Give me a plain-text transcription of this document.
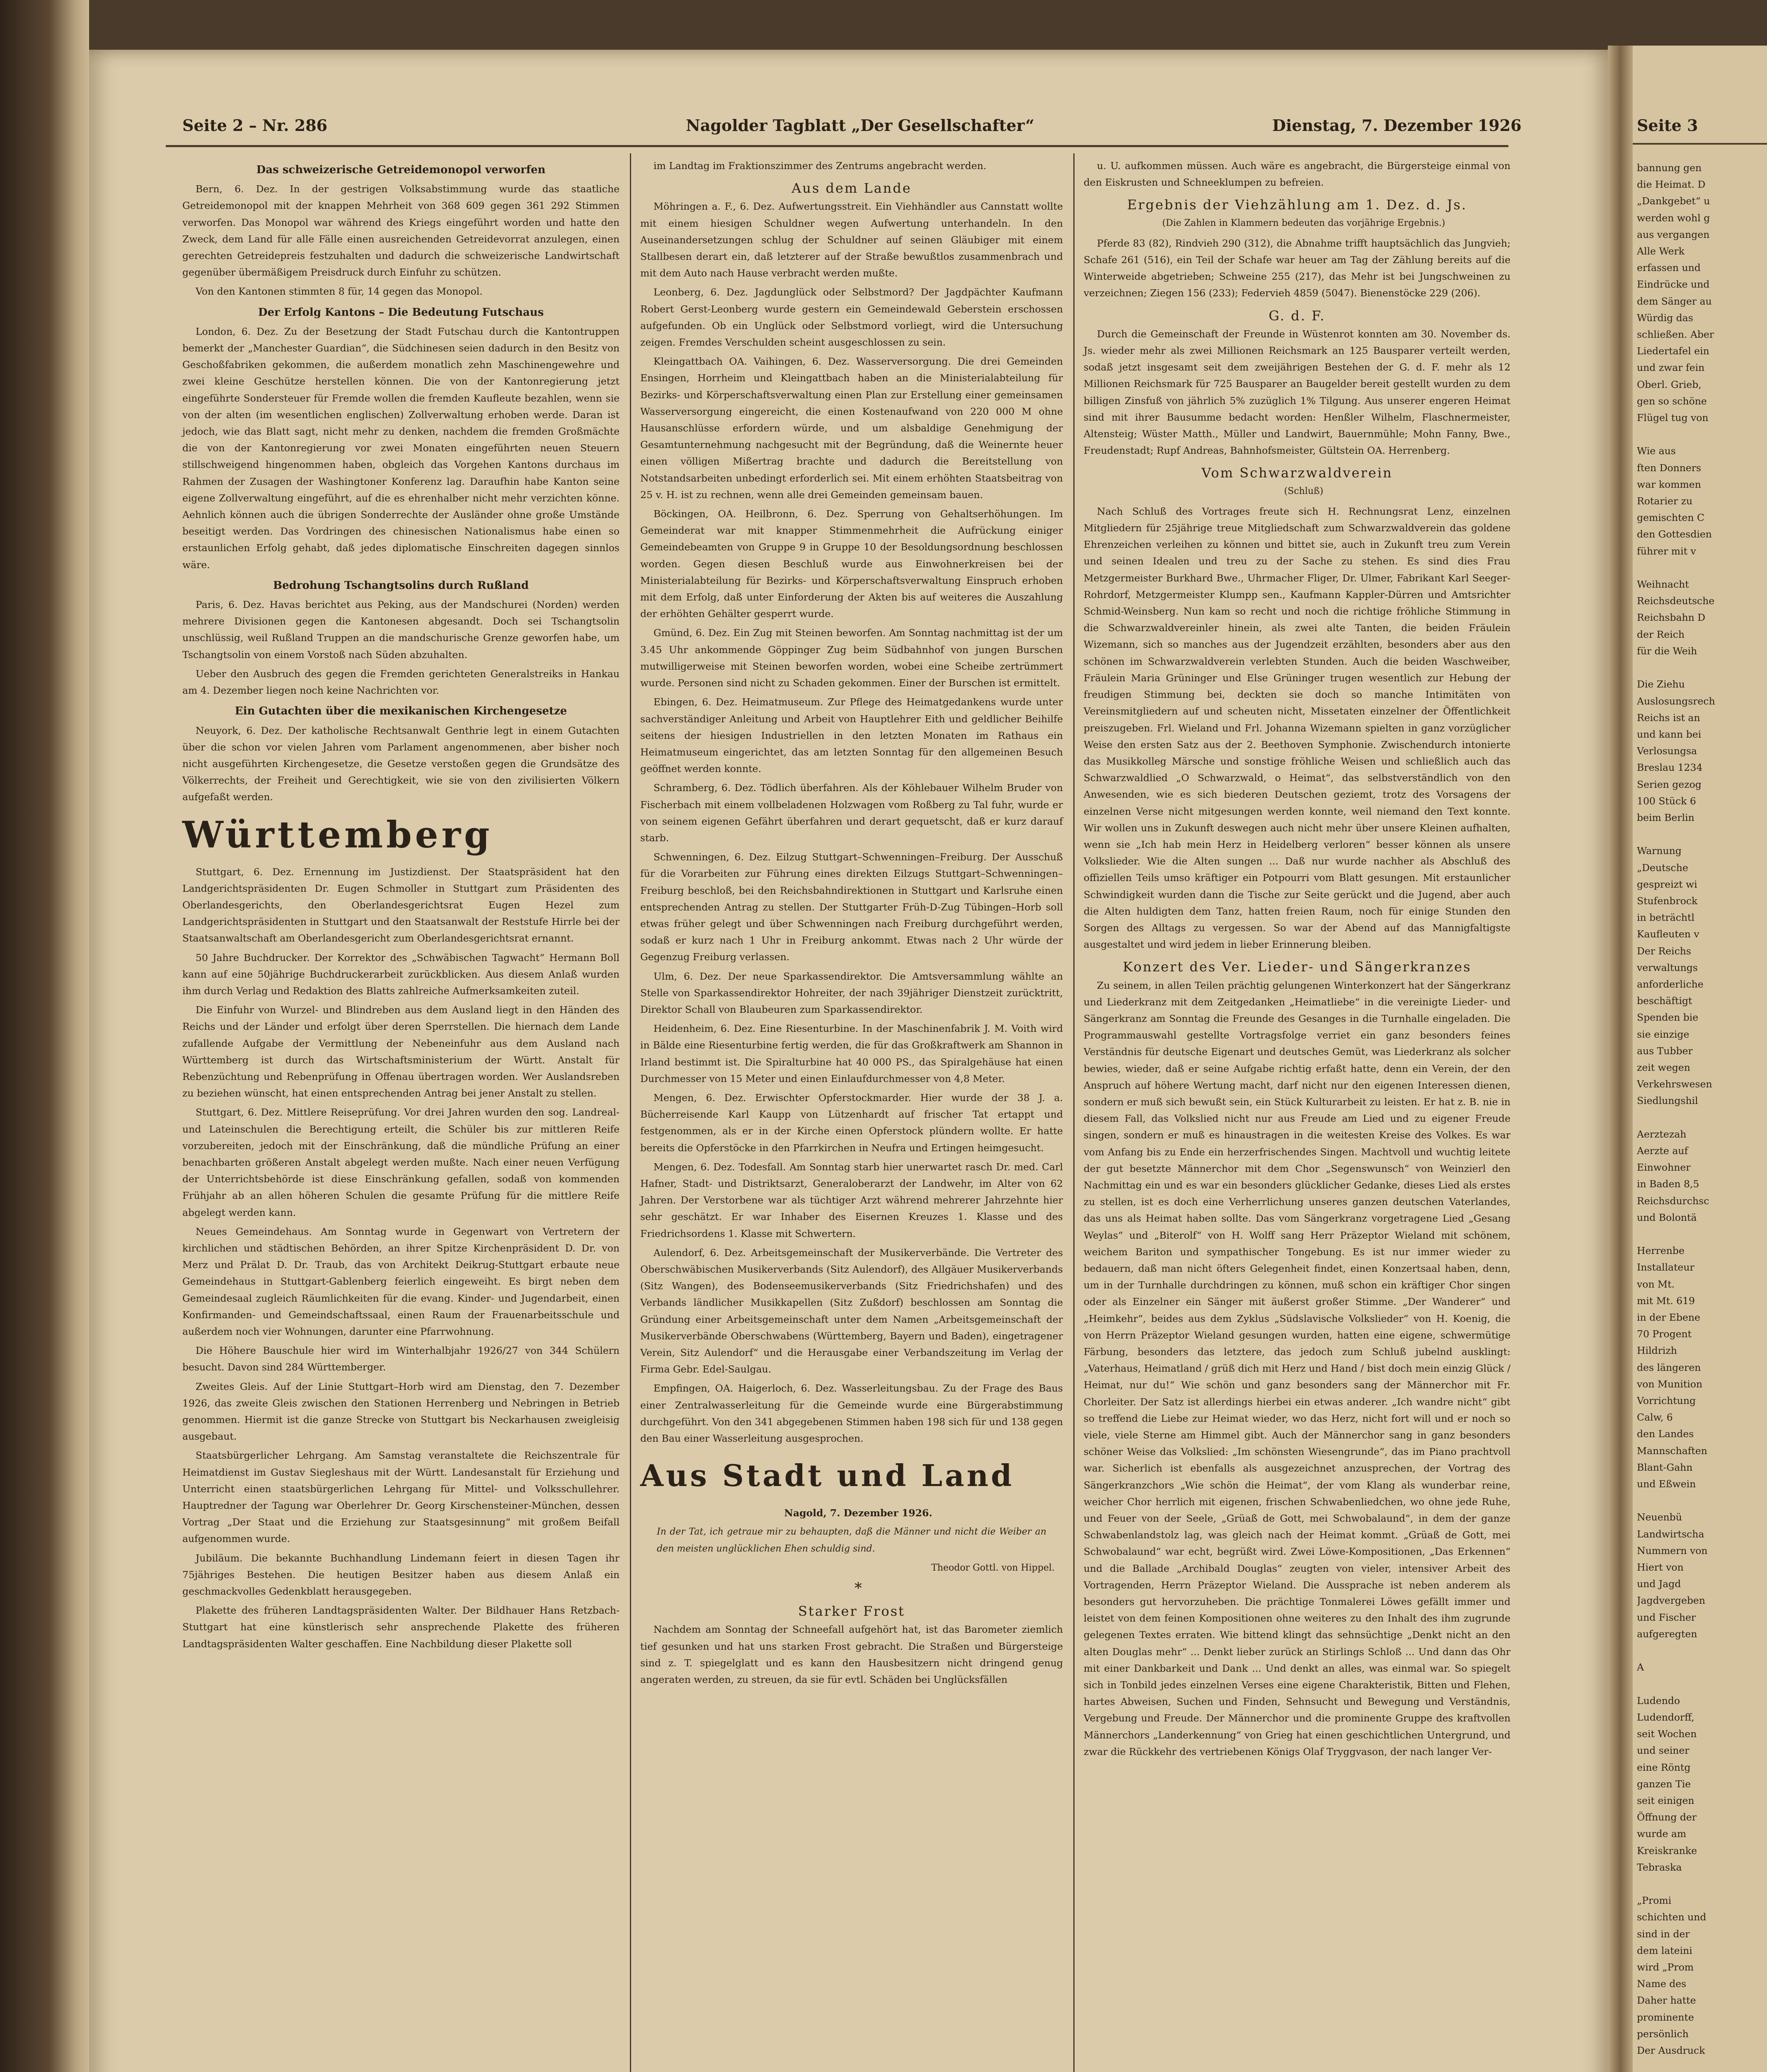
Seite 3
bannung gen
die Heimat. D
„Dankgebet“ u
werden wohl g
aus vergangen
Alle Werk
erfassen und
Eindrücke und
dem Sänger au
Würdig das
schließen. Aber
Liedertafel ein
und zwar fein
Oberl. Grieb,
gen so schöne
Flügel tug von

Wie aus
ften Donners
war kommen
Rotarier zu
gemischten C
den Gottesdien
führer mit v

Weihnacht
Reichsdeutsche
Reichsbahn D
der Reich
für die Weih

Die Ziehu
Auslosungsrech
Reichs ist an
und kann bei
Verlosungsa
Breslau 1234
Serien gezog
100 Stück 6
beim Berlin

Warnung
„Deutsche
gespreizt wi
Stufenbrock
in beträchtl
Kaufleuten v
Der Reichs
verwaltungs
anforderliche
beschäftigt
Spenden bie
sie einzige
aus Tubber
zeit wegen
Verkehrswesen
Siedlungshil

Aerztezah
Aerzte auf
Einwohner
in Baden 8,5
Reichsdurchsc
und Bolontä

Herrenbe
Installateur
von Mt.
mit Mt. 619
in der Ebene
70 Progent
Hildrizh
des längeren
von Munition
Vorrichtung
Calw, 6
den Landes
Mannschaften
Blant-Gahn
und Eßwein

Neuenbü
Landwirtscha
Nummern von
Hiert von
und Jagd
Jagdvergeben
und Fischer
aufgeregten

A

Ludendo
Ludendorff,
seit Wochen
und seiner
eine Röntg
ganzen Tie
seit einigen
Öffnung der
wurde am
Kreiskranke
Tebraska

„Promi
schichten und
sind in der
dem lateini
wird „Prom
Name des
Daher hatte
prominente
persönlich
Der Ausdruck
Seite 2 – Nr. 286	Nagolder Tagblatt „Der Gesellschafter“	Dienstag, 7. Dezember 1926
Das schweizerische Getreidemonopol verworfen

Bern, 6. Dez. In der gestrigen Volksabstimmung wurde das staatliche Getreidemonopol mit der knappen Mehrheit von 368 609 gegen 361 292 Stimmen verworfen. Das Monopol war während des Kriegs eingeführt worden und hatte den Zweck, dem Land für alle Fälle einen ausreichenden Getreidevorrat anzulegen, einen gerechten Getreidepreis festzuhalten und dadurch die schweizerische Landwirtschaft gegenüber übermäßigem Preisdruck durch Einfuhr zu schützen.

Von den Kantonen stimmten 8 für, 14 gegen das Monopol.

Der Erfolg Kantons – Die Bedeutung Futschaus

London, 6. Dez. Zu der Besetzung der Stadt Futschau durch die Kantontruppen bemerkt der „Manchester Guardian“, die Südchinesen seien dadurch in den Besitz von Geschoßfabriken gekommen, die außerdem monatlich zehn Maschinengewehre und zwei kleine Geschütze herstellen können. Die von der Kantonregierung jetzt eingeführte Sondersteuer für Fremde wollen die fremden Kaufleute bezahlen, wenn sie von der alten (im wesentlichen englischen) Zollverwaltung erhoben werde. Daran ist jedoch, wie das Blatt sagt, nicht mehr zu denken, nachdem die fremden Großmächte die von der Kantonregierung vor zwei Monaten eingeführten neuen Steuern stillschweigend hingenommen haben, obgleich das Vorgehen Kantons durchaus im Rahmen der Zusagen der Washingtoner Konferenz lag. Daraufhin habe Kanton seine eigene Zollverwaltung eingeführt, auf die es ehrenhalber nicht mehr verzichten könne. Aehnlich können auch die übrigen Sonderrechte der Ausländer ohne große Umstände beseitigt werden. Das Vordringen des chinesischen Nationalismus habe einen so erstaunlichen Erfolg gehabt, daß jedes diplomatische Einschreiten dagegen sinnlos wäre.

Bedrohung Tschangtsolins durch Rußland

Paris, 6. Dez. Havas berichtet aus Peking, aus der Mandschurei (Norden) werden mehrere Divisionen gegen die Kantonesen abgesandt. Doch sei Tschangtsolin unschlüssig, weil Rußland Truppen an die mandschurische Grenze geworfen habe, um Tschangtsolin von einem Vorstoß nach Süden abzuhalten.

Ueber den Ausbruch des gegen die Fremden gerichteten Generalstreiks in Hankau am 4. Dezember liegen noch keine Nachrichten vor.

Ein Gutachten über die mexikanischen Kirchengesetze

Neuyork, 6. Dez. Der katholische Rechtsanwalt Genthrie legt in einem Gutachten über die schon vor vielen Jahren vom Parlament angenommenen, aber bisher noch nicht ausgeführten Kirchengesetze, die Gesetze verstoßen gegen die Grundsätze des Völkerrechts, der Freiheit und Gerechtigkeit, wie sie von den zivilisierten Völkern aufgefaßt werden.

Württemberg

Stuttgart, 6. Dez. Ernennung im Justizdienst. Der Staatspräsident hat den Landgerichtspräsidenten Dr. Eugen Schmoller in Stuttgart zum Präsidenten des Oberlandesgerichts, den Oberlandesgerichtsrat Eugen Hezel zum Landgerichtspräsidenten in Stuttgart und den Staatsanwalt der Reststufe Hirrle bei der Staatsanwaltschaft am Oberlandesgericht zum Oberlandesgerichtsrat ernannt.

50 Jahre Buchdrucker. Der Korrektor des „Schwäbischen Tagwacht“ Hermann Boll kann auf eine 50jährige Buchdruckerarbeit zurückblicken. Aus diesem Anlaß wurden ihm durch Verlag und Redaktion des Blatts zahlreiche Aufmerksamkeiten zuteil.

Die Einfuhr von Wurzel- und Blindreben aus dem Ausland liegt in den Händen des Reichs und der Länder und erfolgt über deren Sperrstellen. Die hiernach dem Lande zufallende Aufgabe der Vermittlung der Nebeneinfuhr aus dem Ausland nach Württemberg ist durch das Wirtschaftsministerium der Württ. Anstalt für Rebenzüchtung und Rebenprüfung in Offenau übertragen worden. Wer Auslandsreben zu beziehen wünscht, hat einen entsprechenden Antrag bei jener Anstalt zu stellen.

Stuttgart, 6. Dez. Mittlere Reiseprüfung. Vor drei Jahren wurden den sog. Landreal- und Lateinschulen die Berechtigung erteilt, die Schüler bis zur mittleren Reife vorzubereiten, jedoch mit der Einschränkung, daß die mündliche Prüfung an einer benachbarten größeren Anstalt abgelegt werden mußte. Nach einer neuen Verfügung der Unterrichtsbehörde ist diese Einschränkung gefallen, sodaß von kommenden Frühjahr ab an allen höheren Schulen die gesamte Prüfung für die mittlere Reife abgelegt werden kann.

Neues Gemeindehaus. Am Sonntag wurde in Gegenwart von Vertretern der kirchlichen und städtischen Behörden, an ihrer Spitze Kirchenpräsident D. Dr. von Merz und Prälat D. Dr. Traub, das von Architekt Deikrug-Stuttgart erbaute neue Gemeindehaus in Stuttgart-Gablenberg feierlich eingeweiht. Es birgt neben dem Gemeindesaal zugleich Räumlichkeiten für die evang. Kinder- und Jugendarbeit, einen Konfirmanden- und Gemeindschaftssaal, einen Raum der Frauenarbeitsschule und außerdem noch vier Wohnungen, darunter eine Pfarrwohnung.

Die Höhere Bauschule hier wird im Winterhalbjahr 1926/27 von 344 Schülern besucht. Davon sind 284 Württemberger.

Zweites Gleis. Auf der Linie Stuttgart–Horb wird am Dienstag, den 7. Dezember 1926, das zweite Gleis zwischen den Stationen Herrenberg und Nebringen in Betrieb genommen. Hiermit ist die ganze Strecke von Stuttgart bis Neckarhausen zweigleisig ausgebaut.

Staatsbürgerlicher Lehrgang. Am Samstag veranstaltete die Reichszentrale für Heimatdienst im Gustav Siegleshaus mit der Württ. Landesanstalt für Erziehung und Unterricht einen staatsbürgerlichen Lehrgang für Mittel- und Volksschullehrer. Hauptredner der Tagung war Oberlehrer Dr. Georg Kirschensteiner-München, dessen Vortrag „Der Staat und die Erziehung zur Staatsgesinnung“ mit großem Beifall aufgenommen wurde.

Jubiläum. Die bekannte Buchhandlung Lindemann feiert in diesen Tagen ihr 75jähriges Bestehen. Die heutigen Besitzer haben aus diesem Anlaß ein geschmackvolles Gedenkblatt herausgegeben.

Plakette des früheren Landtagspräsidenten Walter. Der Bildhauer Hans Retzbach-Stuttgart hat eine künstlerisch sehr ansprechende Plakette des früheren Landtagspräsidenten Walter geschaffen. Eine Nachbildung dieser Plakette soll

im Landtag im Fraktionszimmer des Zentrums angebracht werden.

Aus dem Lande

Möhringen a. F., 6. Dez. Aufwertungsstreit. Ein Viehhändler aus Cannstatt wollte mit einem hiesigen Schuldner wegen Aufwertung unterhandeln. In den Auseinandersetzungen schlug der Schuldner auf seinen Gläubiger mit einem Stallbesen derart ein, daß letzterer auf der Straße bewußtlos zusammenbrach und mit dem Auto nach Hause verbracht werden mußte.

Leonberg, 6. Dez. Jagdunglück oder Selbstmord? Der Jagdpächter Kaufmann Robert Gerst-Leonberg wurde gestern ein Gemeindewald Geberstein erschossen aufgefunden. Ob ein Unglück oder Selbstmord vorliegt, wird die Untersuchung zeigen. Fremdes Verschulden scheint ausgeschlossen zu sein.

Kleingattbach OA. Vaihingen, 6. Dez. Wasserversorgung. Die drei Gemeinden Ensingen, Horrheim und Kleingattbach haben an die Ministerialabteilung für Bezirks- und Körperschaftsverwaltung einen Plan zur Erstellung einer gemeinsamen Wasserversorgung eingereicht, die einen Kostenaufwand von 220 000 M ohne Hausanschlüsse erfordern würde, und um alsbaldige Genehmigung der Gesamtunternehmung nachgesucht mit der Begründung, daß die Weinernte heuer einen völligen Mißertrag brachte und dadurch die Bereitstellung von Notstandsarbeiten unbedingt erforderlich sei. Mit einem erhöhten Staatsbeitrag von 25 v. H. ist zu rechnen, wenn alle drei Gemeinden gemeinsam bauen.

Böckingen, OA. Heilbronn, 6. Dez. Sperrung von Gehaltserhöhungen. Im Gemeinderat war mit knapper Stimmenmehrheit die Aufrückung einiger Gemeindebeamten von Gruppe 9 in Gruppe 10 der Besoldungsordnung beschlossen worden. Gegen diesen Beschluß wurde aus Einwohnerkreisen bei der Ministerialabteilung für Bezirks- und Körperschaftsverwaltung Einspruch erhoben mit dem Erfolg, daß unter Einforderung der Akten bis auf weiteres die Auszahlung der erhöhten Gehälter gesperrt wurde.

Gmünd, 6. Dez. Ein Zug mit Steinen beworfen. Am Sonntag nachmittag ist der um 3.45 Uhr ankommende Göppinger Zug beim Südbahnhof von jungen Burschen mutwilligerweise mit Steinen beworfen worden, wobei eine Scheibe zertrümmert wurde. Personen sind nicht zu Schaden gekommen. Einer der Burschen ist ermittelt.

Ebingen, 6. Dez. Heimatmuseum. Zur Pflege des Heimatgedankens wurde unter sachverständiger Anleitung und Arbeit von Hauptlehrer Eith und geldlicher Beihilfe seitens der hiesigen Industriellen in den letzten Monaten im Rathaus ein Heimatmuseum eingerichtet, das am letzten Sonntag für den allgemeinen Besuch geöffnet werden konnte.

Schramberg, 6. Dez. Tödlich überfahren. Als der Köhlebauer Wilhelm Bruder von Fischerbach mit einem vollbeladenen Holzwagen vom Roßberg zu Tal fuhr, wurde er von seinem eigenen Gefährt überfahren und derart gequetscht, daß er kurz darauf starb.

Schwenningen, 6. Dez. Eilzug Stuttgart–Schwenningen–Freiburg. Der Ausschuß für die Vorarbeiten zur Führung eines direkten Eilzugs Stuttgart–Schwenningen–Freiburg beschloß, bei den Reichsbahndirektionen in Stuttgart und Karlsruhe einen entsprechenden Antrag zu stellen. Der Stuttgarter Früh-D-Zug Tübingen–Horb soll etwas früher gelegt und über Schwenningen nach Freiburg durchgeführt werden, sodaß er kurz nach 1 Uhr in Freiburg ankommt. Etwas nach 2 Uhr würde der Gegenzug Freiburg verlassen.

Ulm, 6. Dez. Der neue Sparkassendirektor. Die Amtsversammlung wählte an Stelle von Sparkassendirektor Hohreiter, der nach 39jähriger Dienstzeit zurücktritt, Direktor Schall von Blaubeuren zum Sparkassendirektor.

Heidenheim, 6. Dez. Eine Riesenturbine. In der Maschinenfabrik J. M. Voith wird in Bälde eine Riesenturbine fertig werden, die für das Großkraftwerk am Shannon in Irland bestimmt ist. Die Spiralturbine hat 40 000 PS., das Spiralgehäuse hat einen Durchmesser von 15 Meter und einen Einlaufdurchmesser von 4,8 Meter.

Mengen, 6. Dez. Erwischter Opferstockmarder. Hier wurde der 38 J. a. Bücherreisende Karl Kaupp von Lützenhardt auf frischer Tat ertappt und festgenommen, als er in der Kirche einen Opferstock plündern wollte. Er hatte bereits die Opferstöcke in den Pfarrkirchen in Neufra und Ertingen heimgesucht.

Mengen, 6. Dez. Todesfall. Am Sonntag starb hier unerwartet rasch Dr. med. Carl Hafner, Stadt- und Distriktsarzt, Generaloberarzt der Landwehr, im Alter von 62 Jahren. Der Verstorbene war als tüchtiger Arzt während mehrerer Jahrzehnte hier sehr geschätzt. Er war Inhaber des Eisernen Kreuzes 1. Klasse und des Friedrichsordens 1. Klasse mit Schwertern.

Aulendorf, 6. Dez. Arbeitsgemeinschaft der Musikerverbände. Die Vertreter des Oberschwäbischen Musikerverbands (Sitz Aulendorf), des Allgäuer Musikerverbands (Sitz Wangen), des Bodenseemusikerverbands (Sitz Friedrichshafen) und des Verbands ländlicher Musikkapellen (Sitz Zußdorf) beschlossen am Sonntag die Gründung einer Arbeitsgemeinschaft unter dem Namen „Arbeitsgemeinschaft der Musikerverbände Oberschwabens (Württemberg, Bayern und Baden), eingetragener Verein, Sitz Aulendorf“ und die Herausgabe einer Verbandszeitung im Verlag der Firma Gebr. Edel-Saulgau.

Empfingen, OA. Haigerloch, 6. Dez. Wasserleitungsbau. Zu der Frage des Baus einer Zentralwasserleitung für die Gemeinde wurde eine Bürgerabstimmung durchgeführt. Von den 341 abgegebenen Stimmen haben 198 sich für und 138 gegen den Bau einer Wasserleitung ausgesprochen.

Aus Stadt und Land

Nagold, 7. Dezember 1926.

In der Tat, ich getraue mir zu behaupten, daß die Männer und nicht die Weiber an den meisten unglücklichen Ehen schuldig sind.

Theodor Gottl. von Hippel.

*

Starker Frost

Nachdem am Sonntag der Schneefall aufgehört hat, ist das Barometer ziemlich tief gesunken und hat uns starken Frost gebracht. Die Straßen und Bürgersteige sind z. T. spiegelglatt und es kann den Hausbesitzern nicht dringend genug angeraten werden, zu streuen, da sie für evtl. Schäden bei Unglücksfällen

u. U. aufkommen müssen. Auch wäre es angebracht, die Bürgersteige einmal von den Eiskrusten und Schneeklumpen zu befreien.

Ergebnis der Viehzählung am 1. Dez. d. Js.

(Die Zahlen in Klammern bedeuten das vorjährige Ergebnis.)

Pferde 83 (82), Rindvieh 290 (312), die Abnahme trifft hauptsächlich das Jungvieh; Schafe 261 (516), ein Teil der Schafe war heuer am Tag der Zählung bereits auf die Winterweide abgetrieben; Schweine 255 (217), das Mehr ist bei Jungschweinen zu verzeichnen; Ziegen 156 (233); Federvieh 4859 (5047). Bienenstöcke 229 (206).

G. d. F.

Durch die Gemeinschaft der Freunde in Wüstenrot konnten am 30. November ds. Js. wieder mehr als zwei Millionen Reichsmark an 125 Bausparer verteilt werden, sodaß jetzt insgesamt seit dem zweijährigen Bestehen der G. d. F. mehr als 12 Millionen Reichsmark für 725 Bausparer an Baugelder bereit gestellt wurden zu dem billigen Zinsfuß von jährlich 5% zuzüglich 1% Tilgung. Aus unserer engeren Heimat sind mit ihrer Bausumme bedacht worden: Henßler Wilhelm, Flaschnermeister, Altensteig; Wüster Matth., Müller und Landwirt, Bauernmühle; Mohn Fanny, Bwe., Freudenstadt; Rupf Andreas, Bahnhofsmeister, Gültstein OA. Herrenberg.

Vom Schwarzwaldverein

(Schluß)

Nach Schluß des Vortrages freute sich H. Rechnungsrat Lenz, einzelnen Mitgliedern für 25jährige treue Mitgliedschaft zum Schwarzwaldverein das goldene Ehrenzeichen verleihen zu können und bittet sie, auch in Zukunft treu zum Verein und seinen Idealen und treu zu der Sache zu stehen. Es sind dies Frau Metzgermeister Burkhard Bwe., Uhrmacher Fliger, Dr. Ulmer, Fabrikant Karl Seeger-Rohrdorf, Metzgermeister Klumpp sen., Kaufmann Kappler-Dürren und Amtsrichter Schmid-Weinsberg. Nun kam so recht und noch die richtige fröhliche Stimmung in die Schwarzwaldvereinler hinein, als zwei alte Tanten, die beiden Fräulein Wizemann, sich so manches aus der Jugendzeit erzählten, besonders aber aus den schönen im Schwarzwaldverein verlebten Stunden. Auch die beiden Waschweiber, Fräulein Maria Grüninger und Else Grüninger trugen wesentlich zur Hebung der freudigen Stimmung bei, deckten sie doch so manche Intimitäten von Vereinsmitgliedern auf und scheuten nicht, Missetaten einzelner der Öffentlichkeit preiszugeben. Frl. Wieland und Frl. Johanna Wizemann spielten in ganz vorzüglicher Weise den ersten Satz aus der 2. Beethoven Symphonie. Zwischendurch intonierte das Musikkolleg Märsche und sonstige fröhliche Weisen und schließlich auch das Schwarzwaldlied „O Schwarzwald, o Heimat“, das selbstverständlich von den Anwesenden, wie es sich biederen Deutschen geziemt, trotz des Vorsagens der einzelnen Verse nicht mitgesungen werden konnte, weil niemand den Text konnte. Wir wollen uns in Zukunft deswegen auch nicht mehr über unsere Kleinen aufhalten, wenn sie „Ich hab mein Herz in Heidelberg verloren“ besser können als unsere Volkslieder. Wie die Alten sungen ... Daß nur wurde nachher als Abschluß des offiziellen Teils umso kräftiger ein Potpourri vom Blatt gesungen. Mit erstaunlicher Schwindigkeit wurden dann die Tische zur Seite gerückt und die Jugend, aber auch die Alten huldigten dem Tanz, hatten freien Raum, noch für einige Stunden den Sorgen des Alltags zu vergessen. So war der Abend auf das Mannigfaltigste ausgestaltet und wird jedem in lieber Erinnerung bleiben.

Konzert des Ver. Lieder- und Sängerkranzes

Zu seinem, in allen Teilen prächtig gelungenen Winterkonzert hat der Sängerkranz und Liederkranz mit dem Zeitgedanken „Heimatliebe“ in die vereinigte Lieder- und Sängerkranz am Sonntag die Freunde des Gesanges in die Turnhalle eingeladen. Die Programmauswahl gestellte Vortragsfolge verriet ein ganz besonders feines Verständnis für deutsche Eigenart und deutsches Gemüt, was Liederkranz als solcher bewies, wieder, daß er seine Aufgabe richtig erfaßt hatte, denn ein Verein, der den Anspruch auf höhere Wertung macht, darf nicht nur den eigenen Interessen dienen, sondern er muß sich bewußt sein, ein Stück Kulturarbeit zu leisten. Er hat z. B. nie in diesem Fall, das Volkslied nicht nur aus Freude am Lied und zu eigener Freude singen, sondern er muß es hinaustragen in die weitesten Kreise des Volkes. Es war vom Anfang bis zu Ende ein herzerfrischendes Singen. Machtvoll und wuchtig leitete der gut besetzte Männerchor mit dem Chor „Segenswunsch“ von Weinzierl den Nachmittag ein und es war ein besonders glücklicher Gedanke, dieses Lied als erstes zu stellen, ist es doch eine Verherrlichung unseres ganzen deutschen Vaterlandes, das uns als Heimat haben sollte. Das vom Sängerkranz vorgetragene Lied „Gesang Weylas“ und „Biterolf“ von H. Wolff sang Herr Präzeptor Wieland mit schönem, weichem Bariton und sympathischer Tongebung. Es ist nur immer wieder zu bedauern, daß man nicht öfters Gelegenheit findet, einen Konzertsaal haben, denn, um in der Turnhalle durchdringen zu können, muß schon ein kräftiger Chor singen oder als Einzelner ein Sänger mit äußerst großer Stimme. „Der Wanderer“ und „Heimkehr“, beides aus dem Zyklus „Südslavische Volkslieder“ von H. Koenig, die von Herrn Präzeptor Wieland gesungen wurden, hatten eine eigene, schwermütige Färbung, besonders das letztere, das jedoch zum Schluß jubelnd ausklingt: „Vaterhaus, Heimatland / grüß dich mit Herz und Hand / bist doch mein einzig Glück / Heimat, nur du!“ Wie schön und ganz besonders sang der Männerchor mit Fr. Chorleiter. Der Satz ist allerdings hierbei ein etwas anderer. „Ich wandre nicht“ gibt so treffend die Liebe zur Heimat wieder, wo das Herz, nicht fort will und er noch so viele, viele Sterne am Himmel gibt. Auch der Männerchor sang in ganz besonders schöner Weise das Volkslied: „Im schönsten Wiesengrunde“, das im Piano prachtvoll war. Sicherlich ist ebenfalls als ausgezeichnet anzusprechen, der Vortrag des Sängerkranzchors „Wie schön die Heimat“, der vom Klang als wunderbar reine, weicher Chor herrlich mit eigenen, frischen Schwabenliedchen, wo ohne jede Ruhe, und Feuer von der Seele, „Grüaß de Gott, mei Schwobalaund“, in dem der ganze Schwabenlandstolz lag, was gleich nach der Heimat kommt. „Grüaß de Gott, mei Schwobalaund“ war echt, begrüßt wird. Zwei Löwe-Kompositionen, „Das Erkennen“ und die Ballade „Archibald Douglas“ zeugten von vieler, intensiver Arbeit des Vortragenden, Herrn Präzeptor Wieland. Die Aussprache ist neben anderem als besonders gut hervorzuheben. Die prächtige Tonmalerei Löwes gefällt immer und leistet von dem feinen Kompositionen ohne weiteres zu den Inhalt des ihm zugrunde gelegenen Textes erraten. Wie bittend klingt das sehnsüchtige „Denkt nicht an den alten Douglas mehr“ ... Denkt lieber zurück an Stirlings Schloß ... Und dann das Ohr mit einer Dankbarkeit und Dank ... Und denkt an alles, was einmal war. So spiegelt sich in Tonbild jedes einzelnen Verses eine eigene Charakteristik, Bitten und Flehen, hartes Abweisen, Suchen und Finden, Sehnsucht und Bewegung und Verständnis, Vergebung und Freude. Der Männerchor und die prominente Gruppe des kraftvollen Männerchors „Landerkennung“ von Grieg hat einen geschichtlichen Untergrund, und zwar die Rückkehr des vertriebenen Königs Olaf Tryggvason, der nach langer Ver-
